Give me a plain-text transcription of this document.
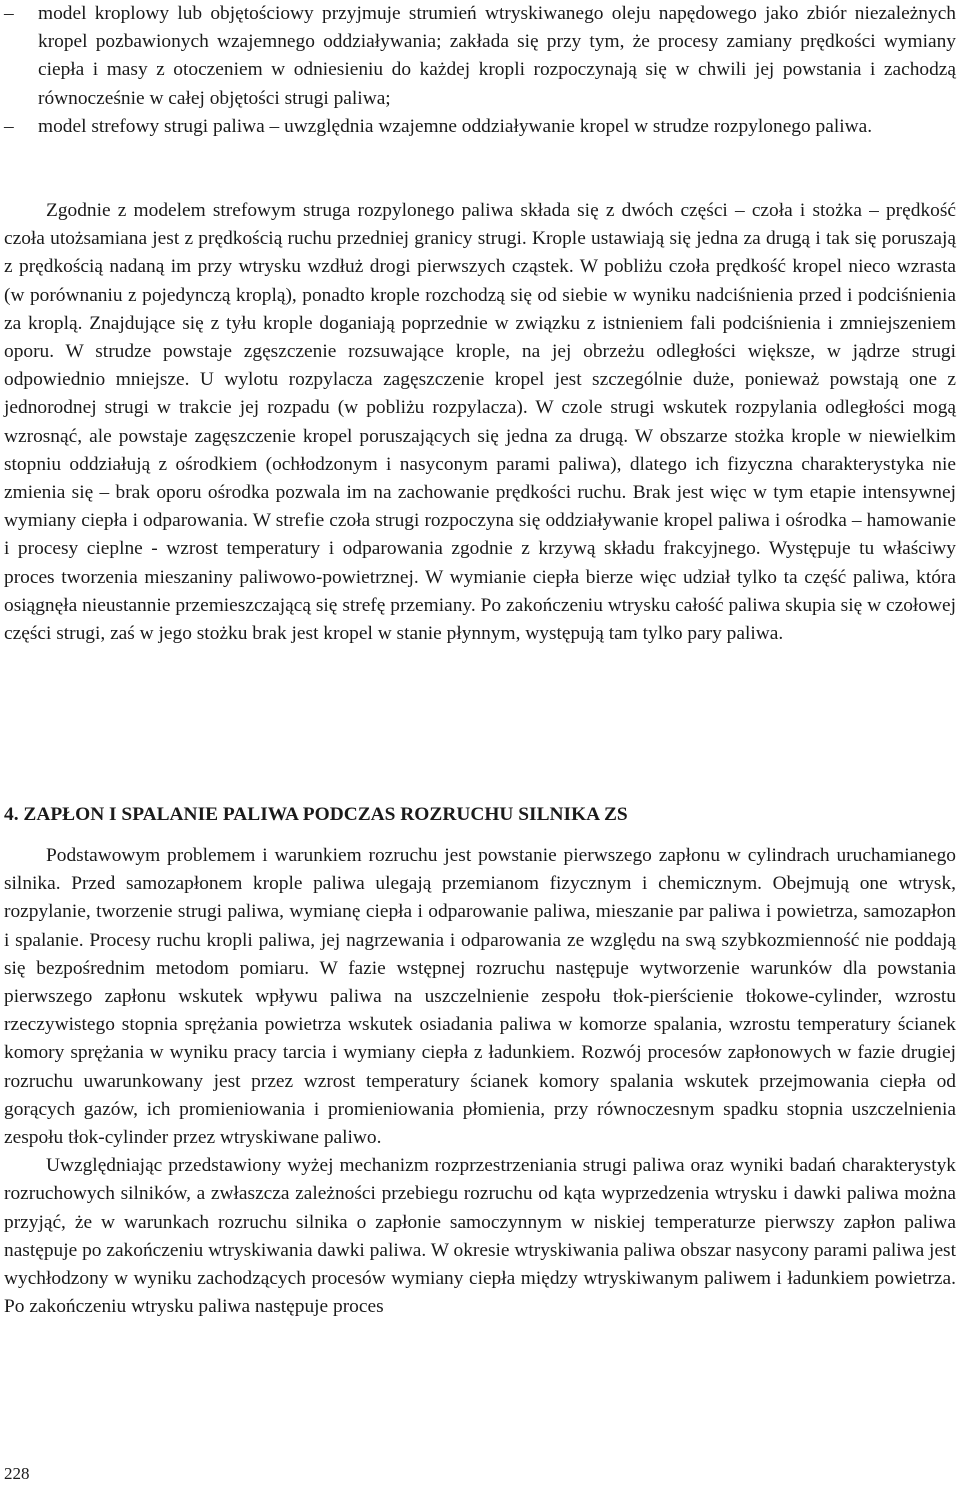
– model kroplowy lub objętościowy przyjmuje strumień wtryskiwanego oleju napędowego jako zbiór niezależnych kropel pozbawionych wzajemnego oddziaływania; zakłada się przy tym, że procesy zamiany prędkości wymiany ciepła i masy z otoczeniem w odniesieniu do każdej kropli rozpoczynają się w chwili jej powstania i zachodzą równocześnie w całej objętości strugi paliwa;
– model strefowy strugi paliwa – uwzględnia wzajemne oddziaływanie kropel w strudze rozpylonego paliwa.

Zgodnie z modelem strefowym struga rozpylonego paliwa składa się z dwóch części – czoła i stożka – prędkość czoła utożsamiana jest z prędkością ruchu przedniej granicy strugi. Krople ustawiają się jedna za drugą i tak się poruszają z prędkością nadaną im przy wtrysku wzdłuż drogi pierwszych cząstek. W pobliżu czoła prędkość kropel nieco wzrasta (w porównaniu z pojedynczą kroplą), ponadto krople rozchodzą się od siebie w wyniku nadciśnienia przed i podciśnienia za kroplą. Znajdujące się z tyłu krople doganiają poprzednie w związku z istnieniem fali podciśnienia i zmniejszeniem oporu. W strudze powstaje zgęszczenie rozsuwające krople, na jej obrzeżu odległości większe, w jądrze strugi odpowiednio mniejsze. U wylotu rozpylacza zagęszczenie kropel jest szczególnie duże, ponieważ powstają one z jednorodnej strugi w trakcie jej rozpadu (w pobliżu rozpylacza). W czole strugi wskutek rozpylania odległości mogą wzrosnąć, ale powstaje zagęszczenie kropel poruszających się jedna za drugą. W obszarze stożka krople w niewielkim stopniu oddziałują z ośrodkiem (ochłodzonym i nasyconym parami paliwa), dlatego ich fizyczna charakterystyka nie zmienia się – brak oporu ośrodka pozwala im na zachowanie prędkości ruchu. Brak jest więc w tym etapie intensywnej wymiany ciepła i odparowania. W strefie czoła strugi rozpoczyna się oddziaływanie kropel paliwa i ośrodka – hamowanie i procesy cieplne - wzrost temperatury i odparowania zgodnie z krzywą składu frakcyjnego. Występuje tu właściwy proces tworzenia mieszaniny paliwowo-powietrznej. W wymianie ciepła bierze więc udział tylko ta część paliwa, która osiągnęła nieustannie przemieszczającą się strefę przemiany. Po zakończeniu wtrysku całość paliwa skupia się w czołowej części strugi, zaś w jego stożku brak jest kropel w stanie płynnym, występują tam tylko pary paliwa.

4. ZAPŁON I SPALANIE PALIWA PODCZAS ROZRUCHU SILNIKA ZS

Podstawowym problemem i warunkiem rozruchu jest powstanie pierwszego zapłonu w cylindrach uruchamianego silnika. Przed samozapłonem krople paliwa ulegają przemianom fizycznym i chemicznym. Obejmują one wtrysk, rozpylanie, tworzenie strugi paliwa, wymianę ciepła i odparowanie paliwa, mieszanie par paliwa i powietrza, samozapłon i spalanie. Procesy ruchu kropli paliwa, jej nagrzewania i odparowania ze względu na swą szybkozmienność nie poddają się bezpośrednim metodom pomiaru. W fazie wstępnej rozruchu następuje wytworzenie warunków dla powstania pierwszego zapłonu wskutek wpływu paliwa na uszczelnienie zespołu tłok-pierścienie tłokowe-cylinder, wzrostu rzeczywistego stopnia sprężania powietrza wskutek osiadania paliwa w komorze spalania, wzrostu temperatury ścianek komory sprężania w wyniku pracy tarcia i wymiany ciepła z ładunkiem. Rozwój procesów zapłonowych w fazie drugiej rozruchu uwarunkowany jest przez wzrost temperatury ścianek komory spalania wskutek przejmowania ciepła od gorących gazów, ich promieniowania i promieniowania płomienia, przy równoczesnym spadku stopnia uszczelnienia zespołu tłok-cylinder przez wtryskiwane paliwo.

Uwzględniając przedstawiony wyżej mechanizm rozprzestrzeniania strugi paliwa oraz wyniki badań charakterystyk rozruchowych silników, a zwłaszcza zależności przebiegu rozruchu od kąta wyprzedzenia wtrysku i dawki paliwa można przyjąć, że w warunkach rozruchu silnika o zapłonie samoczynnym w niskiej temperaturze pierwszy zapłon paliwa następuje po zakończeniu wtryskiwania dawki paliwa. W okresie wtryskiwania paliwa obszar nasycony parami paliwa jest wychłodzony w wyniku zachodzących procesów wymiany ciepła między wtryskiwanym paliwem i ładunkiem powietrza. Po zakończeniu wtrysku paliwa następuje proces

228
